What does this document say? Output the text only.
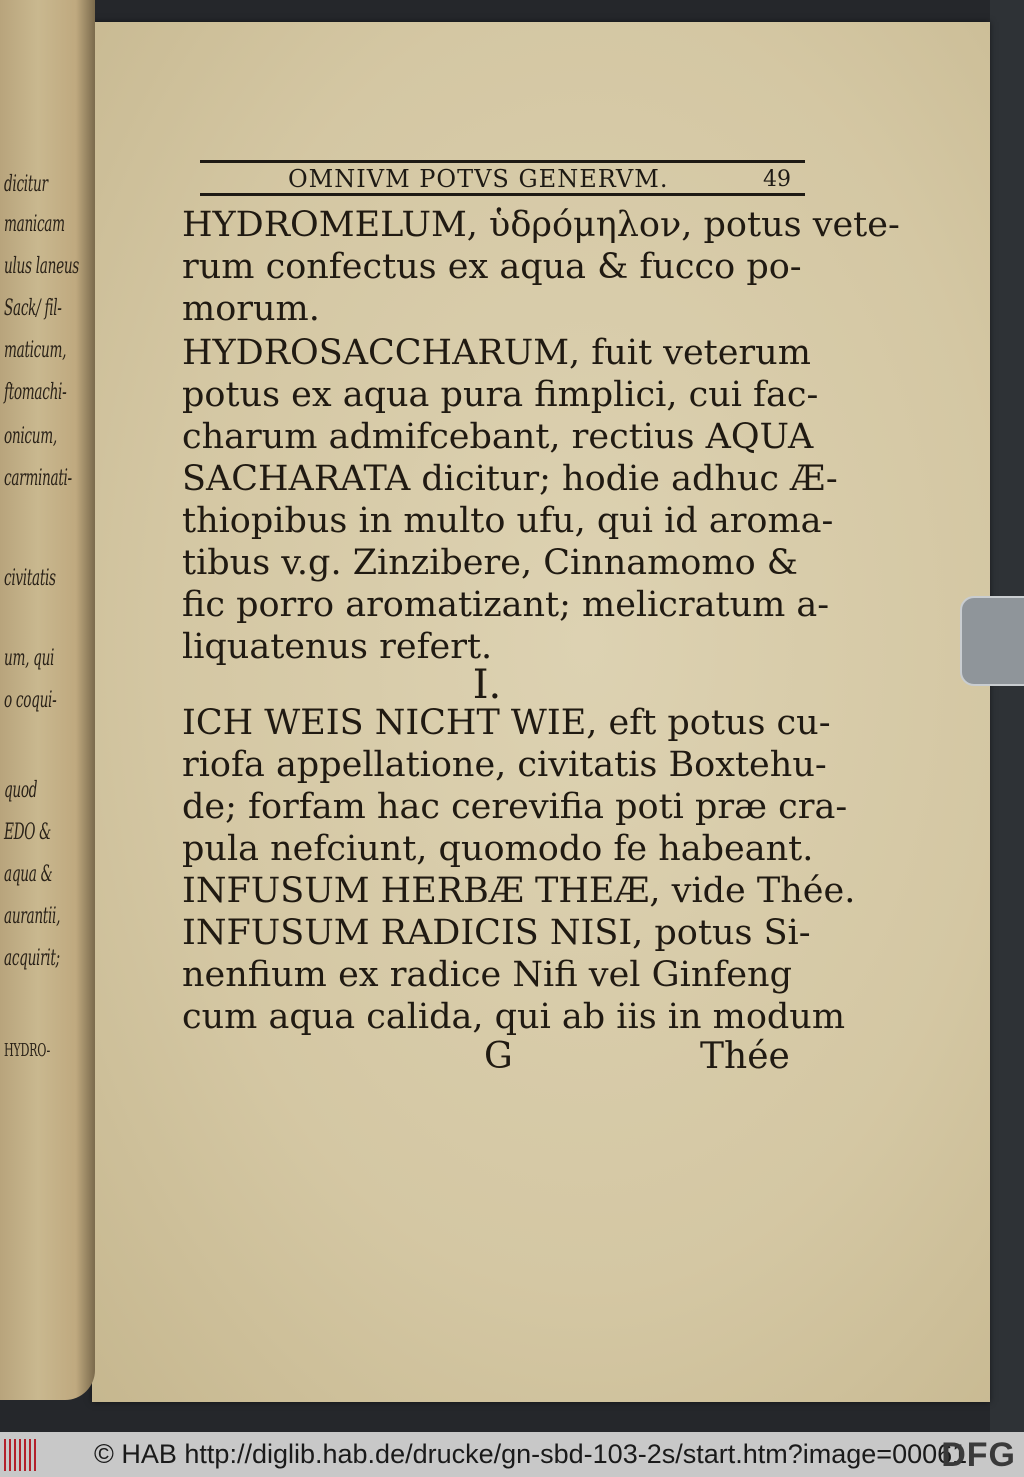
dicitur
manicam
ulus laneus
Sack/ fil-
maticum,
ftomachi-
onicum,
carminati-
civitatis
um, qui
o coqui-
quod
EDO &
aqua &
aurantii,
acquirit;
HYDRO-
OMNIVM POTVS GENERVM.	49
HYDROMELUM, ὑδρόμηλον, potus vete-
rum confectus ex aqua & fucco po-
morum.
HYDROSACCHARUM, fuit veterum
potus ex aqua pura fimplici, cui fac-
charum admifcebant, rectius AQUA
SACHARATA dicitur; hodie adhuc Æ-
thiopibus in multo ufu, qui id aroma-
tibus v.g. Zinzibere, Cinnamomo &
fic porro aromatizant; melicratum a-
liquatenus refert.
I.
ICH WEIS NICHT WIE, eft potus cu-
riofa appellatione, civitatis Boxtehu-
de; forfam hac cerevifia poti præ cra-
pula nefciunt, quomodo fe habeant.
INFUSUM HERBÆ THEÆ, vide Thée.
INFUSUM RADICIS NISI, potus Si-
nenfium ex radice Nifi vel Ginfeng
cum aqua calida, qui ab iis in modum
G	Thée
© HAB http://diglib.hab.de/drucke/gn-sbd-103-2s/start.htm?image=00061
DFG
